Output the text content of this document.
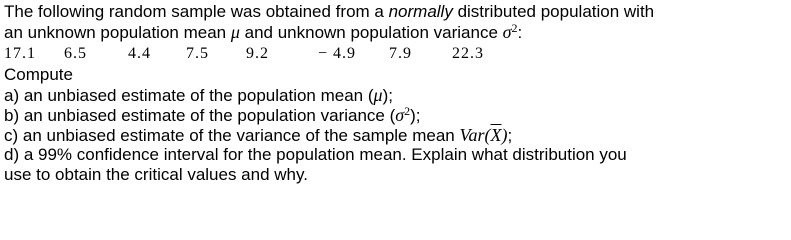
The following random sample was obtained from a normally distributed population with
an unknown population mean μ and unknown population variance $\sigma^2$:
17.1	6.5	4.4	7.5	9.2	− 4.9	7.9	22.3
Compute
a) an unbiased estimate of the population mean (μ);
b) an unbiased estimate of the population variance $(\sigma^2)$;
c) an unbiased estimate of the variance of the sample mean $Var(\overline{X})$;
d) a 99% confidence interval for the population mean. Explain what distribution you
use to obtain the critical values and why.
